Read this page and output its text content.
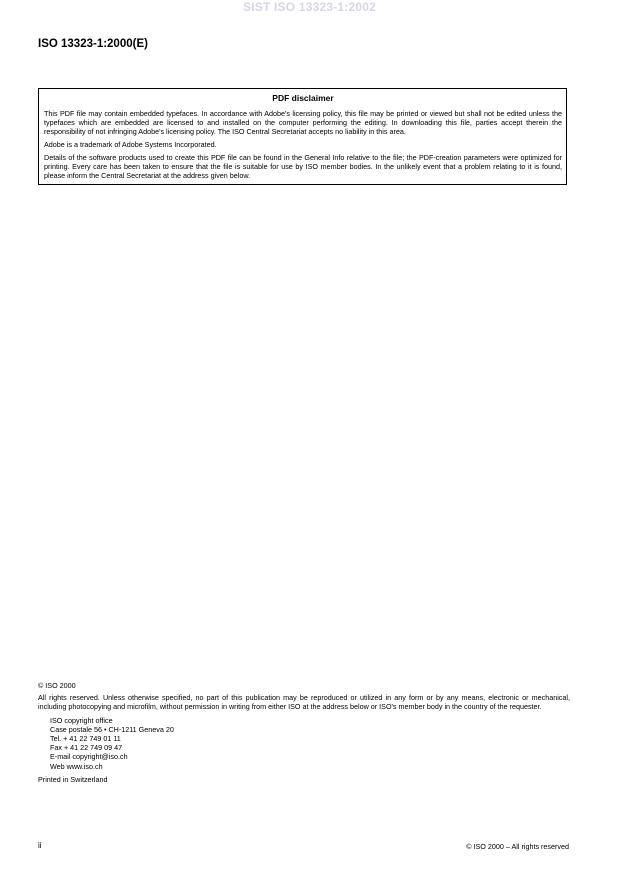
SIST ISO 13323-1:2002
ISO 13323-1:2000(E)
PDF disclaimer

This PDF file may contain embedded typefaces. In accordance with Adobe's licensing policy, this file may be printed or viewed but shall not be edited unless the typefaces which are embedded are licensed to and installed on the computer performing the editing. In downloading this file, parties accept therein the responsibility of not infringing Adobe's licensing policy. The ISO Central Secretariat accepts no liability in this area.

Adobe is a trademark of Adobe Systems Incorporated.

Details of the software products used to create this PDF file can be found in the General Info relative to the file; the PDF-creation parameters were optimized for printing. Every care has been taken to ensure that the file is suitable for use by ISO member bodies. In the unlikely event that a problem relating to it is found, please inform the Central Secretariat at the address given below.

© ISO 2000
All rights reserved. Unless otherwise specified, no part of this publication may be reproduced or utilized in any form or by any means, electronic or mechanical, including photocopying and microfilm, without permission in writing from either ISO at the address below or ISO's member body in the country of the requester.
ISO copyright office
Case postale 56 • CH-1211 Geneva 20
Tel. + 41 22 749 01 11
Fax + 41 22 749 09 47
E-mail copyright@iso.ch
Web www.iso.ch
Printed in Switzerland
ii	© ISO 2000 – All rights reserved
